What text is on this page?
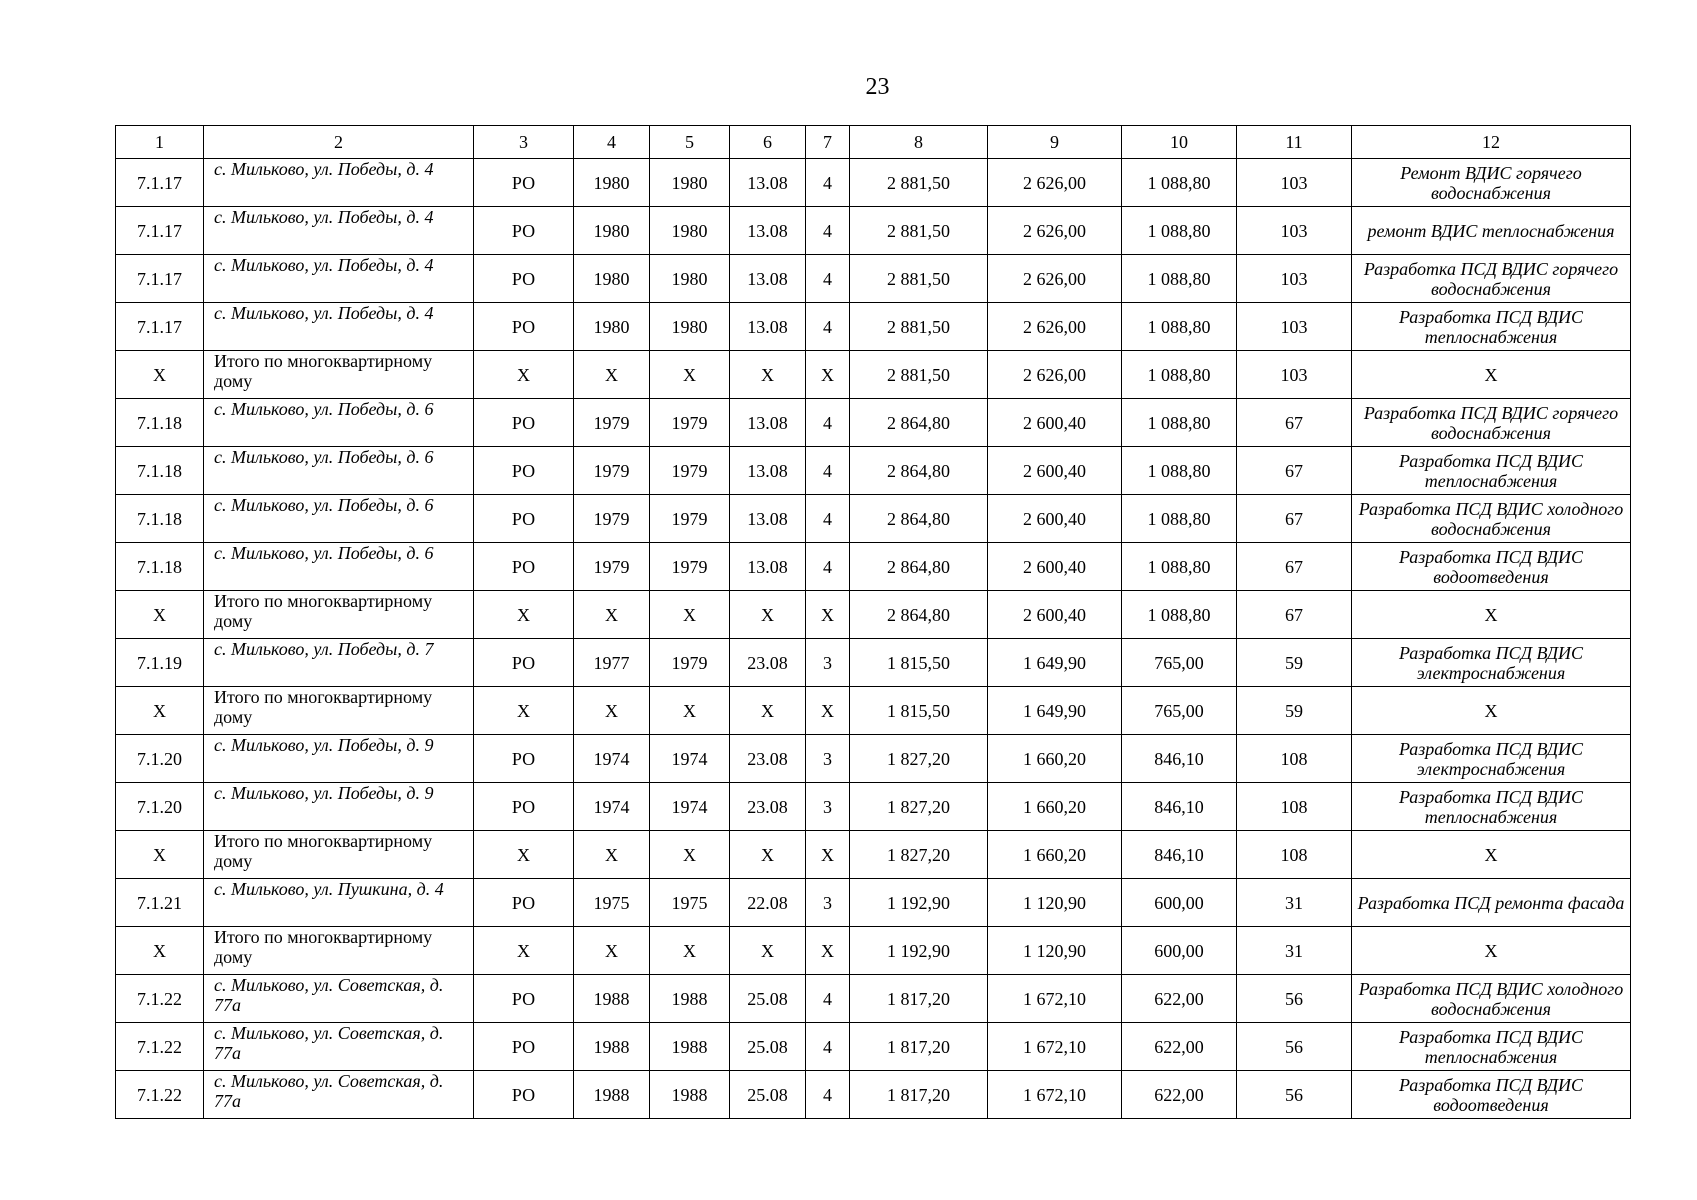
23
1	2	3	4	5	6	7	8	9	10	11	12
7.1.17	с. Мильково, ул. Победы, д. 4	РО	1980	1980	13.08	4	2 881,50	2 626,00	1 088,80	103	Ремонт ВДИС горячего водоснабжения
7.1.17	с. Мильково, ул. Победы, д. 4	РО	1980	1980	13.08	4	2 881,50	2 626,00	1 088,80	103	ремонт ВДИС теплоснабжения
7.1.17	с. Мильково, ул. Победы, д. 4	РО	1980	1980	13.08	4	2 881,50	2 626,00	1 088,80	103	Разработка ПСД ВДИС горячего водоснабжения
7.1.17	с. Мильково, ул. Победы, д. 4	РО	1980	1980	13.08	4	2 881,50	2 626,00	1 088,80	103	Разработка ПСД ВДИС теплоснабжения
Х	Итого по многоквартирному дому	Х	Х	Х	Х	Х	2 881,50	2 626,00	1 088,80	103	Х
7.1.18	с. Мильково, ул. Победы, д. 6	РО	1979	1979	13.08	4	2 864,80	2 600,40	1 088,80	67	Разработка ПСД ВДИС горячего водоснабжения
7.1.18	с. Мильково, ул. Победы, д. 6	РО	1979	1979	13.08	4	2 864,80	2 600,40	1 088,80	67	Разработка ПСД ВДИС теплоснабжения
7.1.18	с. Мильково, ул. Победы, д. 6	РО	1979	1979	13.08	4	2 864,80	2 600,40	1 088,80	67	Разработка ПСД ВДИС холодного водоснабжения
7.1.18	с. Мильково, ул. Победы, д. 6	РО	1979	1979	13.08	4	2 864,80	2 600,40	1 088,80	67	Разработка ПСД ВДИС водоотведения
Х	Итого по многоквартирному дому	Х	Х	Х	Х	Х	2 864,80	2 600,40	1 088,80	67	Х
7.1.19	с. Мильково, ул. Победы, д. 7	РО	1977	1979	23.08	3	1 815,50	1 649,90	765,00	59	Разработка ПСД ВДИС электроснабжения
Х	Итого по многоквартирному дому	Х	Х	Х	Х	Х	1 815,50	1 649,90	765,00	59	Х
7.1.20	с. Мильково, ул. Победы, д. 9	РО	1974	1974	23.08	3	1 827,20	1 660,20	846,10	108	Разработка ПСД ВДИС электроснабжения
7.1.20	с. Мильково, ул. Победы, д. 9	РО	1974	1974	23.08	3	1 827,20	1 660,20	846,10	108	Разработка ПСД ВДИС теплоснабжения
Х	Итого по многоквартирному дому	Х	Х	Х	Х	Х	1 827,20	1 660,20	846,10	108	Х
7.1.21	с. Мильково, ул. Пушкина, д. 4	РО	1975	1975	22.08	3	1 192,90	1 120,90	600,00	31	Разработка ПСД ремонта фасада
Х	Итого по многоквартирному дому	Х	Х	Х	Х	Х	1 192,90	1 120,90	600,00	31	Х
7.1.22	с. Мильково, ул. Советская, д. 77а	РО	1988	1988	25.08	4	1 817,20	1 672,10	622,00	56	Разработка ПСД ВДИС холодного водоснабжения
7.1.22	с. Мильково, ул. Советская, д. 77а	РО	1988	1988	25.08	4	1 817,20	1 672,10	622,00	56	Разработка ПСД ВДИС теплоснабжения
7.1.22	с. Мильково, ул. Советская, д. 77а	РО	1988	1988	25.08	4	1 817,20	1 672,10	622,00	56	Разработка ПСД ВДИС водоотведения
